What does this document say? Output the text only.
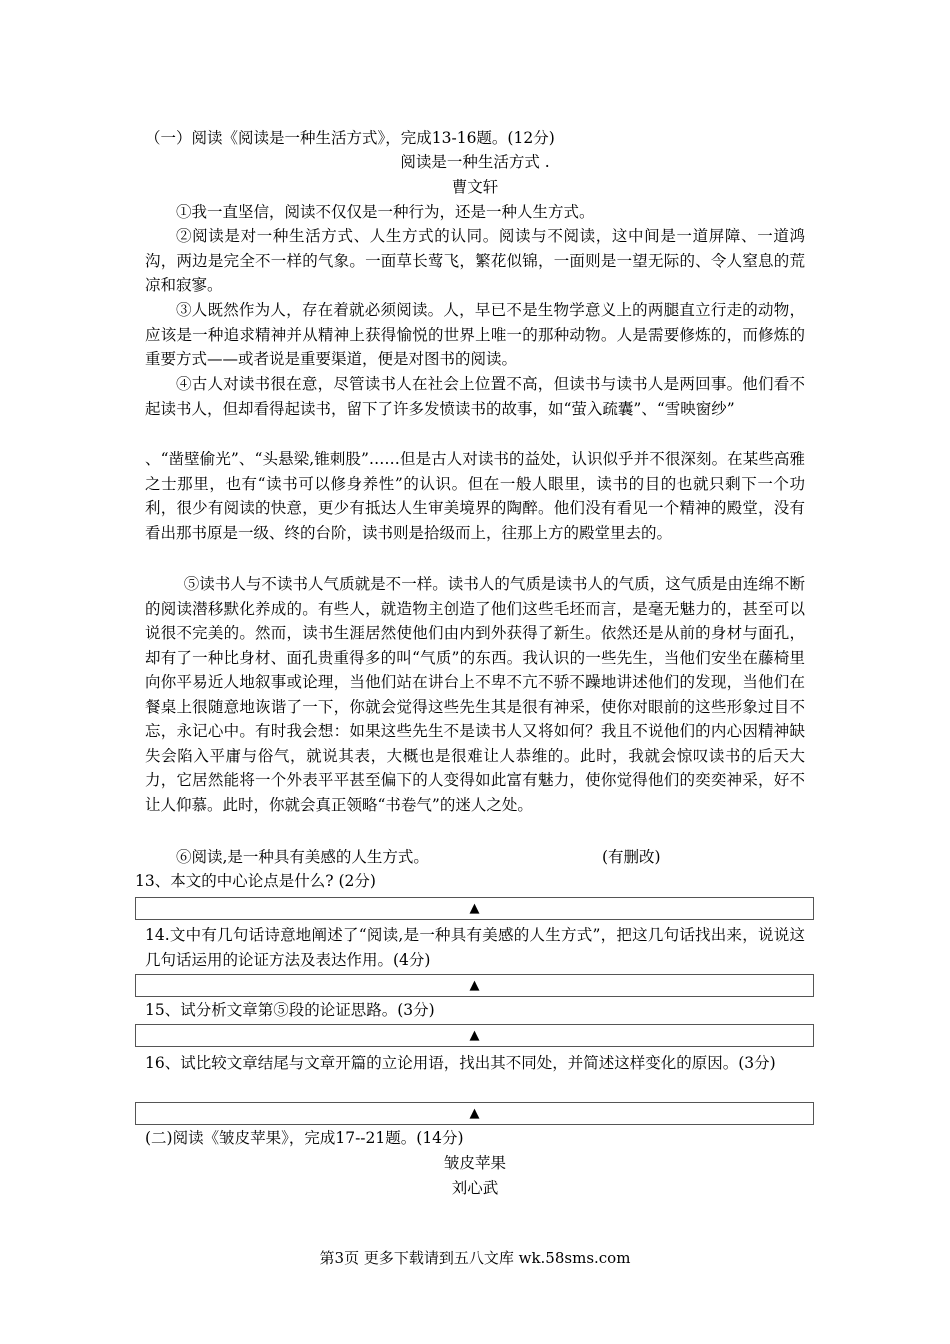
（一）阅读《阅读是一种生活方式》，完成13-16题。(12分)
阅读是一种生活方式 .
曹文轩
①我一直坚信，阅读不仅仅是一种行为，还是一种人生方式。
②阅读是对一种生活方式、人生方式的认同。阅读与不阅读，这中间是一道屏障、一道鸿沟，两边是完全不一样的气象。一面草长莺飞，繁花似锦，一面则是一望无际的、令人窒息的荒凉和寂寥。
③人既然作为人，存在着就必须阅读。人，早已不是生物学意义上的两腿直立行走的动物，应该是一种追求精神并从精神上获得愉悦的世界上唯一的那种动物。人是需要修炼的，而修炼的重要方式——或者说是重要渠道，便是对图书的阅读。
④古人对读书很在意，尽管读书人在社会上位置不高，但读书与读书人是两回事。他们看不起读书人，但却看得起读书，留下了许多发愤读书的故事，如“萤入疏囊”、“雪映窗纱”
、“凿壁偷光”、“头悬梁,锥刺股”……但是古人对读书的益处，认识似乎并不很深刻。在某些高雅之士那里，也有“读书可以修身养性”的认识。但在一般人眼里，读书的目的也就只剩下一个功利，很少有阅读的快意，更少有抵达人生审美境界的陶醉。他们没有看见一个精神的殿堂，没有看出那书原是一级、终的台阶，读书则是拾级而上，往那上方的殿堂里去的。
⑤读书人与不读书人气质就是不一样。读书人的气质是读书人的气质，这气质是由连绵不断的阅读潜移默化养成的。有些人，就造物主创造了他们这些毛坯而言，是毫无魅力的，甚至可以说很不完美的。然而，读书生涯居然使他们由内到外获得了新生。依然还是从前的身材与面孔，却有了一种比身材、面孔贵重得多的叫“气质”的东西。我认识的一些先生，当他们安坐在藤椅里向你平易近人地叙事或论理，当他们站在讲台上不卑不亢不骄不躁地讲述他们的发现，当他们在餐桌上很随意地诙谐了一下，你就会觉得这些先生其是很有神采，使你对眼前的这些形象过目不忘，永记心中。有时我会想：如果这些先生不是读书人又将如何？我且不说他们的内心因精神缺失会陷入平庸与俗气，就说其表，大概也是很难让人恭维的。此时，我就会惊叹读书的后天大力，它居然能将一个外表平平甚至偏下的人变得如此富有魅力，使你觉得他们的奕奕神采，好不让人仰慕。此时，你就会真正领略“书卷气”的迷人之处。
⑥阅读,是一种具有美感的人生方式。	(有删改)
13、本文的中心论点是什么? (2分)
▲
14.文中有几句话诗意地阐述了“阅读,是一种具有美感的人生方式”，把这几句话找出来，说说这几句话运用的论证方法及表达作用。(4分)
▲
15、试分析文章第⑤段的论证思路。(3分)
▲
16、试比较文章结尾与文章开篇的立论用语，找出其不同处，并简述这样变化的原因。(3分)
▲
(二)阅读《皱皮苹果》，完成17--21题。(14分)
皱皮苹果
刘心武
第3页 更多下载请到五八文库 wk.58sms.com
